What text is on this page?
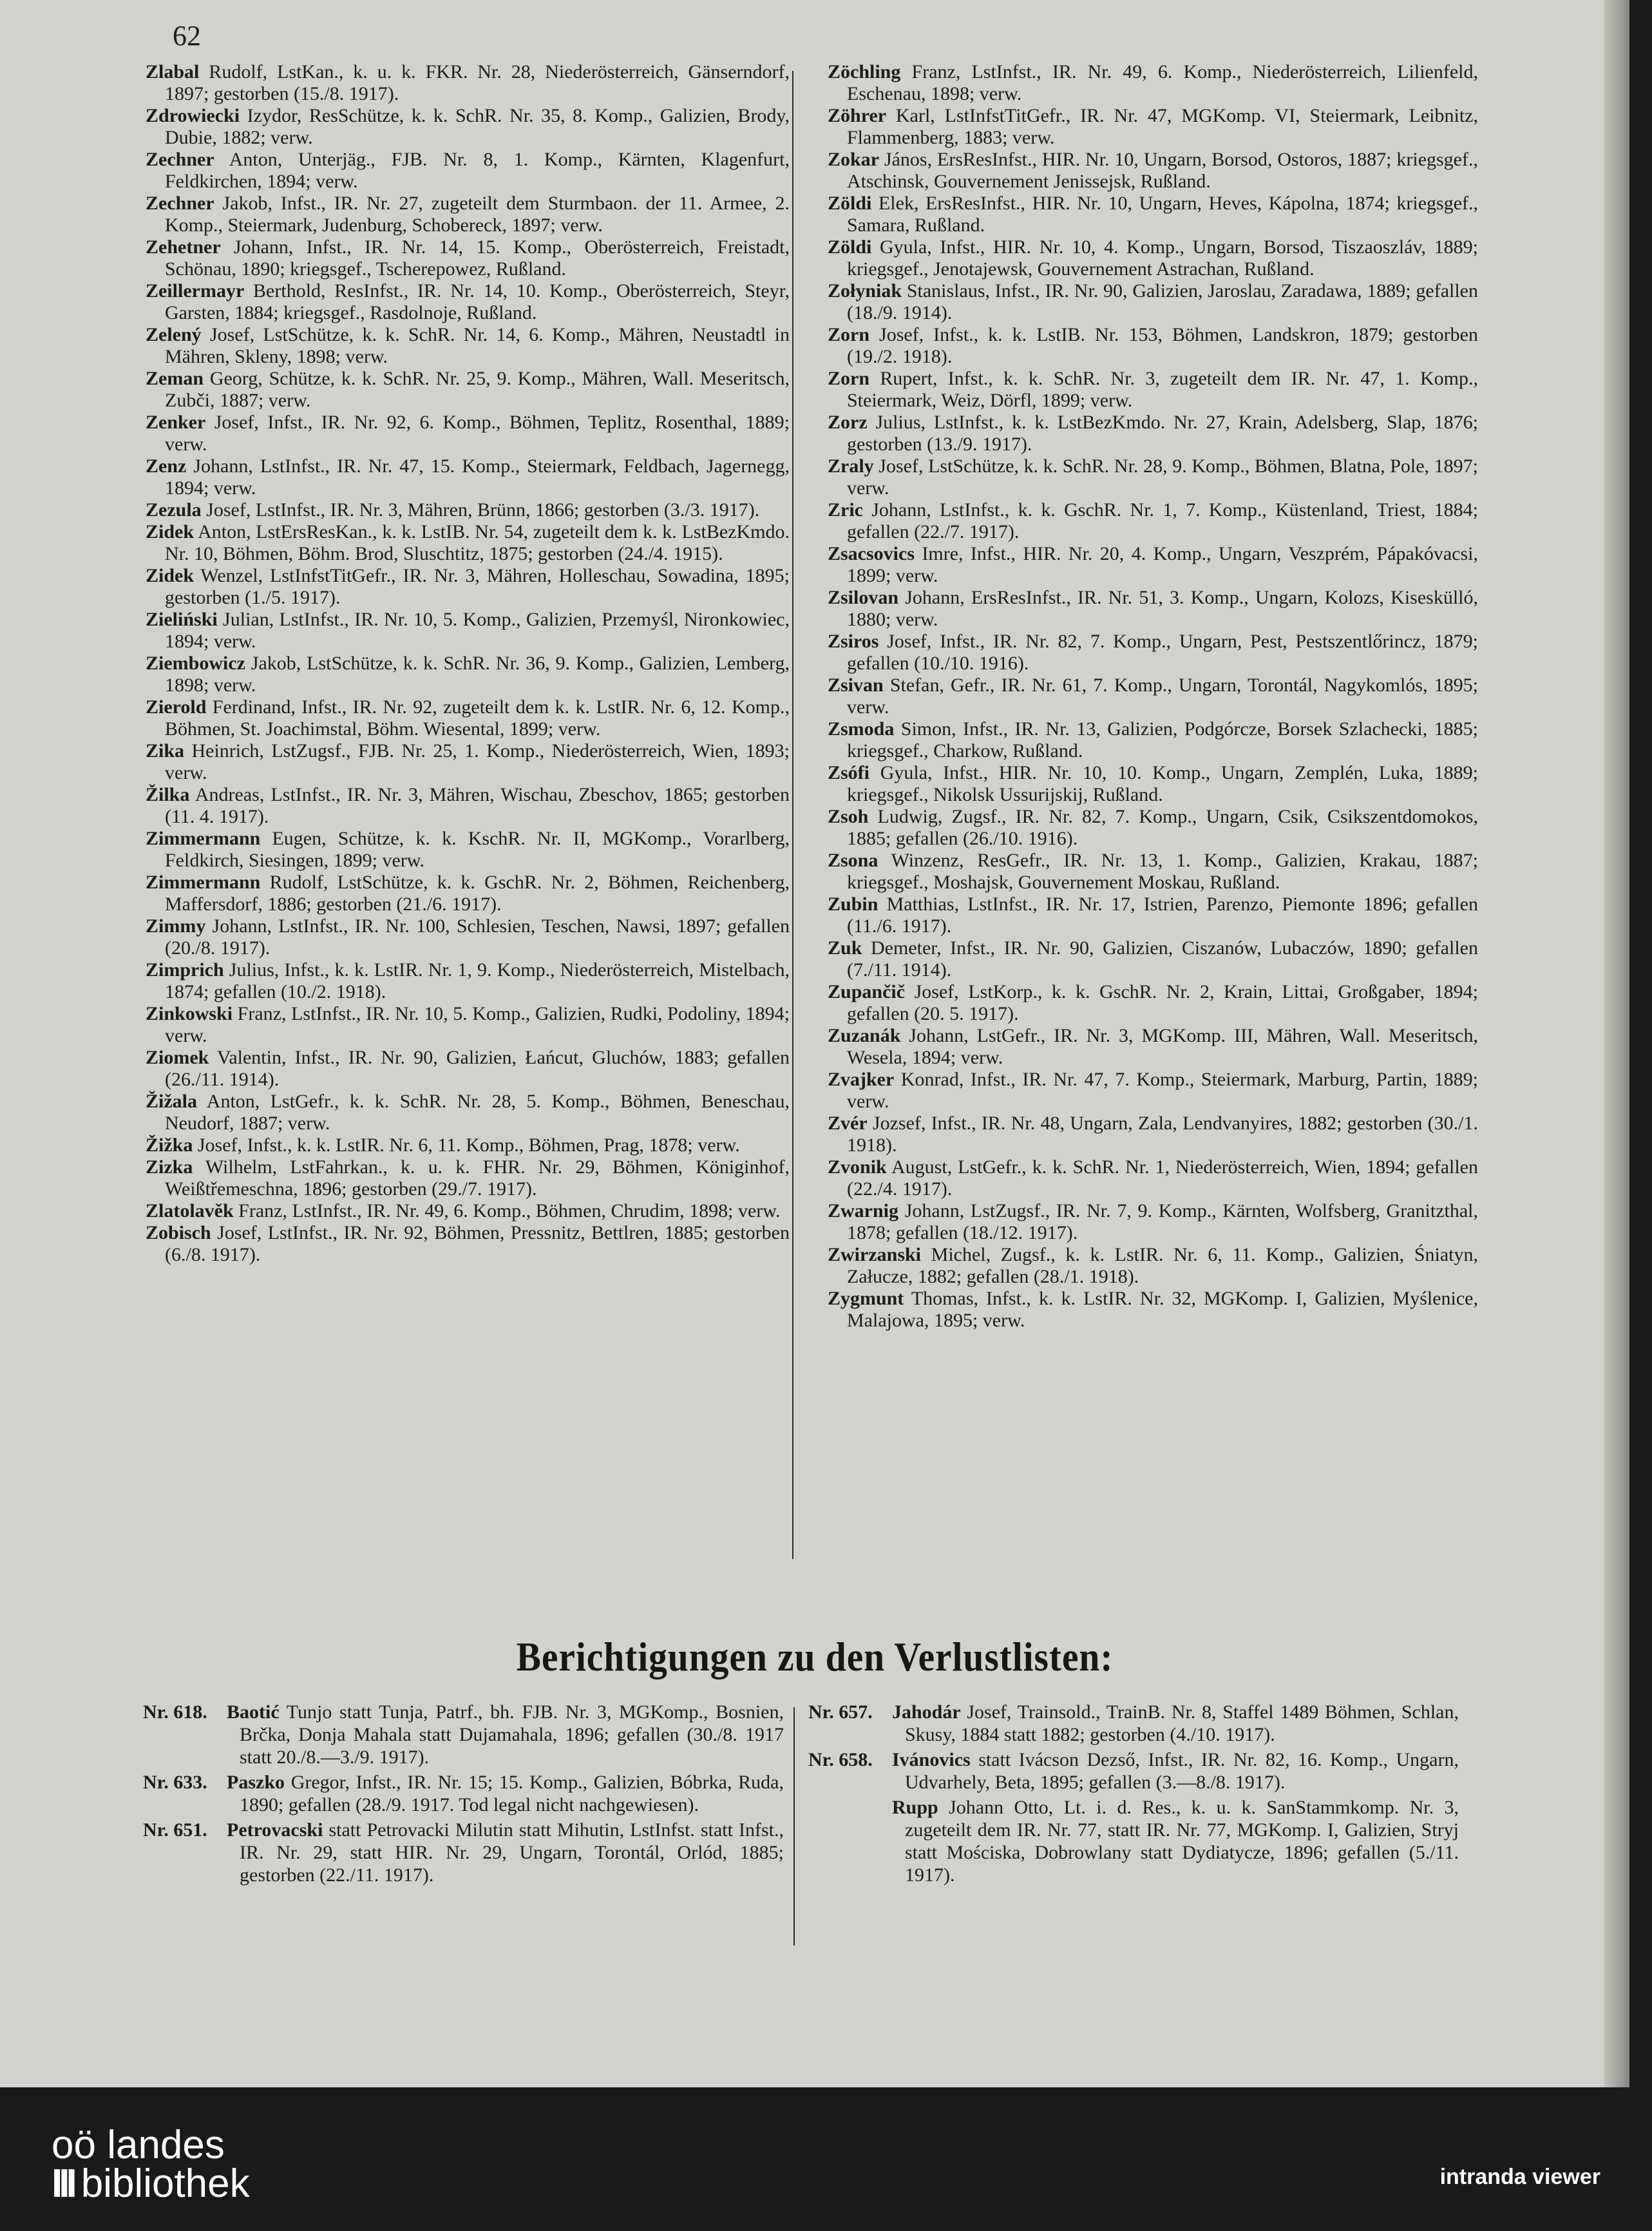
62
Zlabal Rudolf, LstKan., k. u. k. FKR. Nr. 28, Niederösterreich, Gänserndorf, 1897; gestorben (15./8. 1917).
Zdrowiecki Izydor, ResSchütze, k. k. SchR. Nr. 35, 8. Komp., Galizien, Brody, Dubie, 1882; verw.
Zechner Anton, Unterjäg., FJB. Nr. 8, 1. Komp., Kärnten, Klagenfurt, Feldkirchen, 1894; verw.
Zechner Jakob, Infst., IR. Nr. 27, zugeteilt dem Sturmbaon. der 11. Armee, 2. Komp., Steiermark, Judenburg, Schobereck, 1897; verw.
Zehetner Johann, Infst., IR. Nr. 14, 15. Komp., Oberösterreich, Freistadt, Schönau, 1890; kriegsgef., Tscherepowez, Rußland.
Zeillermayr Berthold, ResInfst., IR. Nr. 14, 10. Komp., Oberösterreich, Steyr, Garsten, 1884; kriegsgef., Rasdolnoje, Rußland.
Zelený Josef, LstSchütze, k. k. SchR. Nr. 14, 6. Komp., Mähren, Neustadtl in Mähren, Skleny, 1898; verw.
Zeman Georg, Schütze, k. k. SchR. Nr. 25, 9. Komp., Mähren, Wall. Meseritsch, Zubči, 1887; verw.
Zenker Josef, Infst., IR. Nr. 92, 6. Komp., Böhmen, Teplitz, Rosenthal, 1889; verw.
Zenz Johann, LstInfst., IR. Nr. 47, 15. Komp., Steiermark, Feldbach, Jagernegg, 1894; verw.
Zezula Josef, LstInfst., IR. Nr. 3, Mähren, Brünn, 1866; gestorben (3./3. 1917).
Zidek Anton, LstErsResKan., k. k. LstIB. Nr. 54, zugeteilt dem k. k. LstBezKmdo. Nr. 10, Böhmen, Böhm. Brod, Sluschtitz, 1875; gestorben (24./4. 1915).
Zidek Wenzel, LstInfstTitGefr., IR. Nr. 3, Mähren, Holleschau, Sowadina, 1895; gestorben (1./5. 1917).
Zieliński Julian, LstInfst., IR. Nr. 10, 5. Komp., Galizien, Przemyśl, Nironkowiec, 1894; verw.
Ziembowicz Jakob, LstSchütze, k. k. SchR. Nr. 36, 9. Komp., Galizien, Lemberg, 1898; verw.
Zierold Ferdinand, Infst., IR. Nr. 92, zugeteilt dem k. k. LstIR. Nr. 6, 12. Komp., Böhmen, St. Joachimstal, Böhm. Wiesental, 1899; verw.
Zika Heinrich, LstZugsf., FJB. Nr. 25, 1. Komp., Niederösterreich, Wien, 1893; verw.
Žilka Andreas, LstInfst., IR. Nr. 3, Mähren, Wischau, Zbeschov, 1865; gestorben (11. 4. 1917).
Zimmermann Eugen, Schütze, k. k. KschR. Nr. II, MGKomp., Vorarlberg, Feldkirch, Siesingen, 1899; verw.
Zimmermann Rudolf, LstSchütze, k. k. GschR. Nr. 2, Böhmen, Reichenberg, Maffersdorf, 1886; gestorben (21./6. 1917).
Zimmy Johann, LstInfst., IR. Nr. 100, Schlesien, Teschen, Nawsi, 1897; gefallen (20./8. 1917).
Zimprich Julius, Infst., k. k. LstIR. Nr. 1, 9. Komp., Niederösterreich, Mistelbach, 1874; gefallen (10./2. 1918).
Zinkowski Franz, LstInfst., IR. Nr. 10, 5. Komp., Galizien, Rudki, Podoliny, 1894; verw.
Ziomek Valentin, Infst., IR. Nr. 90, Galizien, Łańcut, Gluchów, 1883; gefallen (26./11. 1914).
Žižala Anton, LstGefr., k. k. SchR. Nr. 28, 5. Komp., Böhmen, Beneschau, Neudorf, 1887; verw.
Žižka Josef, Infst., k. k. LstIR. Nr. 6, 11. Komp., Böhmen, Prag, 1878; verw.
Zizka Wilhelm, LstFahrkan., k. u. k. FHR. Nr. 29, Böhmen, Königinhof, Weißtřemeschna, 1896; gestorben (29./7. 1917).
Zlatolavěk Franz, LstInfst., IR. Nr. 49, 6. Komp., Böhmen, Chrudim, 1898; verw.
Zobisch Josef, LstInfst., IR. Nr. 92, Böhmen, Pressnitz, Bettlren, 1885; gestorben (6./8. 1917).
Zöchling Franz, LstInfst., IR. Nr. 49, 6. Komp., Niederösterreich, Lilienfeld, Eschenau, 1898; verw.
Zöhrer Karl, LstInfstTitGefr., IR. Nr. 47, MGKomp. VI, Steiermark, Leibnitz, Flammenberg, 1883; verw.
Zokar János, ErsResInfst., HIR. Nr. 10, Ungarn, Borsod, Ostoros, 1887; kriegsgef., Atschinsk, Gouvernement Jenissejsk, Rußland.
Zöldi Elek, ErsResInfst., HIR. Nr. 10, Ungarn, Heves, Kápolna, 1874; kriegsgef., Samara, Rußland.
Zöldi Gyula, Infst., HIR. Nr. 10, 4. Komp., Ungarn, Borsod, Tiszaoszláv, 1889; kriegsgef., Jenotajewsk, Gouvernement Astrachan, Rußland.
Zołyniak Stanislaus, Infst., IR. Nr. 90, Galizien, Jaroslau, Zaradawa, 1889; gefallen (18./9. 1914).
Zorn Josef, Infst., k. k. LstIB. Nr. 153, Böhmen, Landskron, 1879; gestorben (19./2. 1918).
Zorn Rupert, Infst., k. k. SchR. Nr. 3, zugeteilt dem IR. Nr. 47, 1. Komp., Steiermark, Weiz, Dörfl, 1899; verw.
Zorz Julius, LstInfst., k. k. LstBezKmdo. Nr. 27, Krain, Adelsberg, Slap, 1876; gestorben (13./9. 1917).
Zraly Josef, LstSchütze, k. k. SchR. Nr. 28, 9. Komp., Böhmen, Blatna, Pole, 1897; verw.
Zric Johann, LstInfst., k. k. GschR. Nr. 1, 7. Komp., Küstenland, Triest, 1884; gefallen (22./7. 1917).
Zsacsovics Imre, Infst., HIR. Nr. 20, 4. Komp., Ungarn, Veszprém, Pápakóvacsi, 1899; verw.
Zsilovan Johann, ErsResInfst., IR. Nr. 51, 3. Komp., Ungarn, Kolozs, Kiseskülló, 1880; verw.
Zsiros Josef, Infst., IR. Nr. 82, 7. Komp., Ungarn, Pest, Pestszentlőrincz, 1879; gefallen (10./10. 1916).
Zsivan Stefan, Gefr., IR. Nr. 61, 7. Komp., Ungarn, Torontál, Nagykomlós, 1895; verw.
Zsmoda Simon, Infst., IR. Nr. 13, Galizien, Podgórcze, Borsek Szlachecki, 1885; kriegsgef., Charkow, Rußland.
Zsófi Gyula, Infst., HIR. Nr. 10, 10. Komp., Ungarn, Zemplén, Luka, 1889; kriegsgef., Nikolsk Ussurijskij, Rußland.
Zsoh Ludwig, Zugsf., IR. Nr. 82, 7. Komp., Ungarn, Csik, Csikszentdomokos, 1885; gefallen (26./10. 1916).
Zsona Winzenz, ResGefr., IR. Nr. 13, 1. Komp., Galizien, Krakau, 1887; kriegsgef., Moshajsk, Gouvernement Moskau, Rußland.
Zubin Matthias, LstInfst., IR. Nr. 17, Istrien, Parenzo, Piemonte 1896; gefallen (11./6. 1917).
Zuk Demeter, Infst., IR. Nr. 90, Galizien, Ciszanów, Lubaczów, 1890; gefallen (7./11. 1914).
Zupančič Josef, LstKorp., k. k. GschR. Nr. 2, Krain, Littai, Großgaber, 1894; gefallen (20. 5. 1917).
Zuzanák Johann, LstGefr., IR. Nr. 3, MGKomp. III, Mähren, Wall. Meseritsch, Wesela, 1894; verw.
Zvajker Konrad, Infst., IR. Nr. 47, 7. Komp., Steiermark, Marburg, Partin, 1889; verw.
Zvér Jozsef, Infst., IR. Nr. 48, Ungarn, Zala, Lendvanyires, 1882; gestorben (30./1. 1918).
Zvonik August, LstGefr., k. k. SchR. Nr. 1, Niederösterreich, Wien, 1894; gefallen (22./4. 1917).
Zwarnig Johann, LstZugsf., IR. Nr. 7, 9. Komp., Kärnten, Wolfsberg, Granitzthal, 1878; gefallen (18./12. 1917).
Zwirzanski Michel, Zugsf., k. k. LstIR. Nr. 6, 11. Komp., Galizien, Śniatyn, Załucze, 1882; gefallen (28./1. 1918).
Zygmunt Thomas, Infst., k. k. LstIR. Nr. 32, MGKomp. I, Galizien, Myślenice, Malajowa, 1895; verw.
Berichtigungen zu den Verlustlisten:
Nr. 618. Baotić Tunjo statt Tunja, Patrf., bh. FJB. Nr. 3, MGKomp., Bosnien, Brčka, Donja Mahala statt Dujamahala, 1896; gefallen (30./8. 1917 statt 20./8.—3./9. 1917).
Nr. 633. Paszko Gregor, Infst., IR. Nr. 15; 15. Komp., Galizien, Bóbrka, Ruda, 1890; gefallen (28./9. 1917. Tod legal nicht nachgewiesen).
Nr. 651. Petrovacski statt Petrovacki Milutin statt Mihutin, LstInfst. statt Infst., IR. Nr. 29, statt HIR. Nr. 29, Ungarn, Torontál, Orlód, 1885; gestorben (22./11. 1917).
Nr. 657. Jahodár Josef, Trainsold., TrainB. Nr. 8, Staffel 1489 Böhmen, Schlan, Skusy, 1884 statt 1882; gestorben (4./10. 1917).
Nr. 658. Ivánovics statt Ivácson Dezső, Infst., IR. Nr. 82, 16. Komp., Ungarn, Udvarhely, Beta, 1895; gefallen (3.—8./8. 1917).
Rupp Johann Otto, Lt. i. d. Res., k. u. k. SanStammkomp. Nr. 3, zugeteilt dem IR. Nr. 77, statt IR. Nr. 77, MGKomp. I, Galizien, Stryj statt Mościska, Dobrowlany statt Dydiatycze, 1896; gefallen (5./11. 1917).
oö landes
III bibliothek	intranda viewer
